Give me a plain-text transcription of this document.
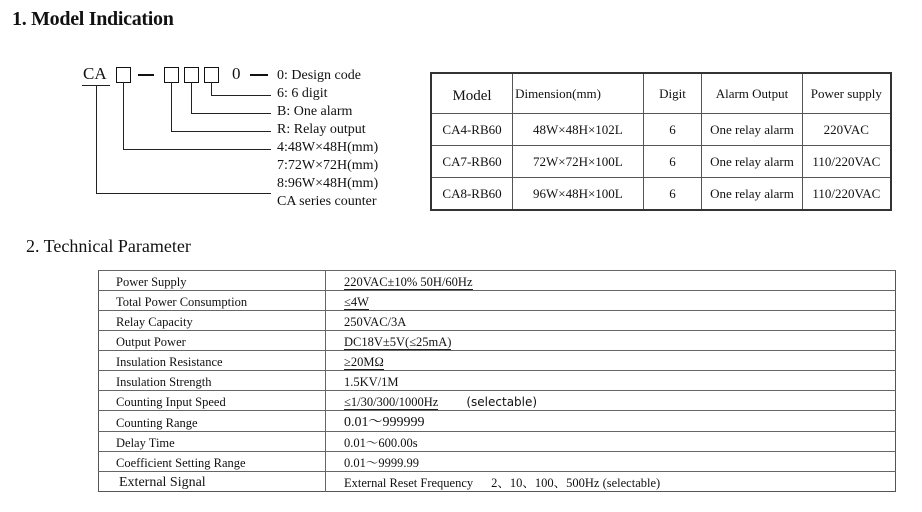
1. Model Indication
CA	0	0: Design code
6: 6 digit
B: One alarm
R: Relay output
4:48W×48H(mm)
7:72W×72H(mm)
8:96W×48H(mm)
CA series counter
Model	Dimension(mm)	Digit	Alarm Output	Power supply
CA4-RB60	48W×48H×102L	6	One relay alarm	220VAC
CA7-RB60	72W×72H×100L	6	One relay alarm	110/220VAC
CA8-RB60	96W×48H×100L	6	One relay alarm	110/220VAC
2. Technical Parameter
Power Supply	220VAC±10% 50H/60Hz
Total Power Consumption	≤4W
Relay Capacity	250VAC/3A
Output Power	DC18V±5V(≤25mA)
Insulation Resistance	≥20MΩ
Insulation Strength	1.5KV/1M
Counting Input Speed	≤1/30/300/1000Hz (selectable)
Counting Range	0.01～999999
Delay Time	0.01～600.00s
Coefficient Setting Range	0.01～9999.99
External Signal	External Reset Frequency 2、10、100、500Hz (selectable)
